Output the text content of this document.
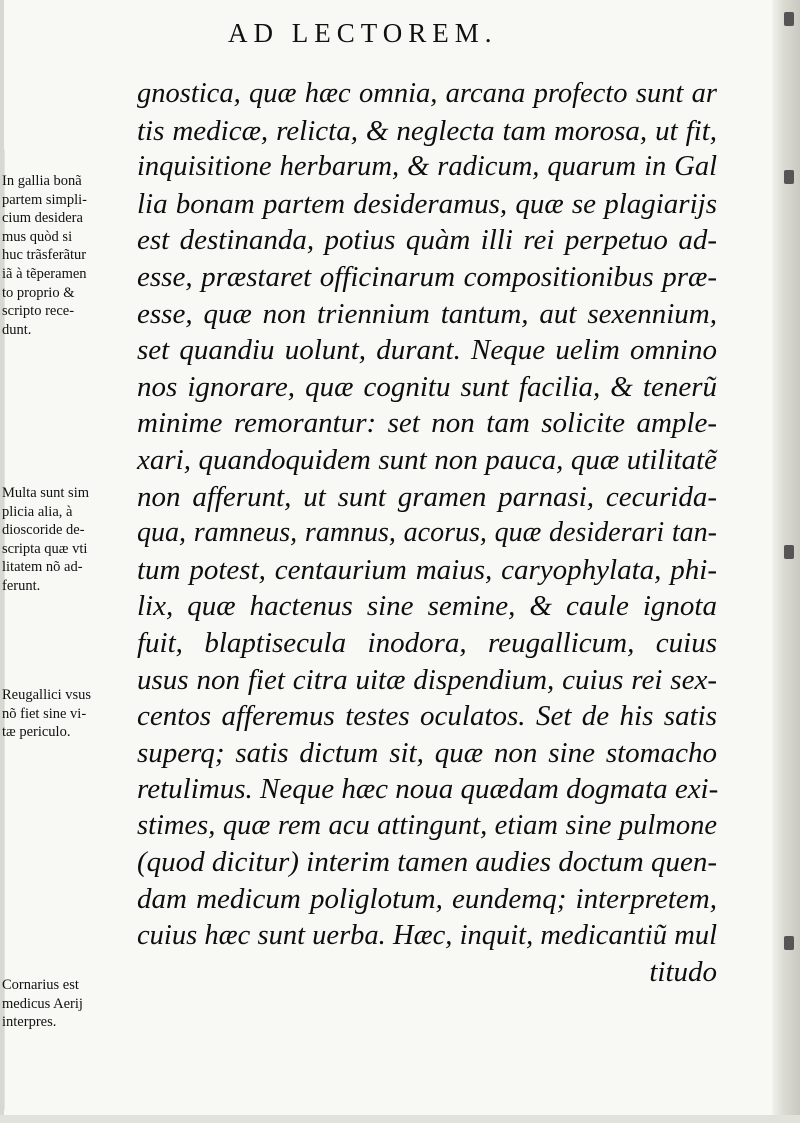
AD LECTOREM.
gnostica, quæ hæc omnia, arcana profecto sunt ar
tis medicæ, relicta, & neglecta tam morosa, ut fit,
inquisitione herbarum, & radicum, quarum in Gal
lia bonam partem desideramus, quæ se plagiarijs
est destinanda, potius quàm illi rei perpetuo ad-
esse, præstaret officinarum compositionibus præ-
esse, quæ non triennium tantum, aut sexennium,
set quandiu uolunt, durant. Neque uelim omnino
nos ignorare, quæ cognitu sunt facilia, & tenerũ
minime remorantur: set non tam solicite ample-
xari, quandoquidem sunt non pauca, quæ utilitatẽ
non afferunt, ut sunt gramen parnasi, cecurida-
qua, ramneus, ramnus, acorus, quæ desiderari tan-
tum potest, centaurium maius, caryophylata, phi-
lix, quæ hactenus sine semine, & caule ignota
fuit, blaptisecula inodora, reugallicum, cuius
usus non fiet citra uitæ dispendium, cuius rei sex-
centos afferemus testes oculatos. Set de his satis
superq; satis dictum sit, quæ non sine stomacho
retulimus. Neque hæc noua quædam dogmata exi-
stimes, quæ rem acu attingunt, etiam sine pulmone
(quod dicitur) interim tamen audies doctum quen-
dam medicum poliglotum, eundemq; interpretem,
cuius hæc sunt uerba. Hæc, inquit, medicantiũ mul
titudo
In gallia bonã
partem simpli-
cium desidera
mus quòd si
huc trãsferãtur
iã à tẽperamen
to proprio &
scripto rece-
dunt.
Multa sunt sim
plicia alia, à
dioscoride de-
scripta quæ vti
litatem nõ ad-
ferunt.
Reugallici vsus
nõ fiet sine vi-
tæ periculo.
Cornarius est
medicus Aerij
interpres.
